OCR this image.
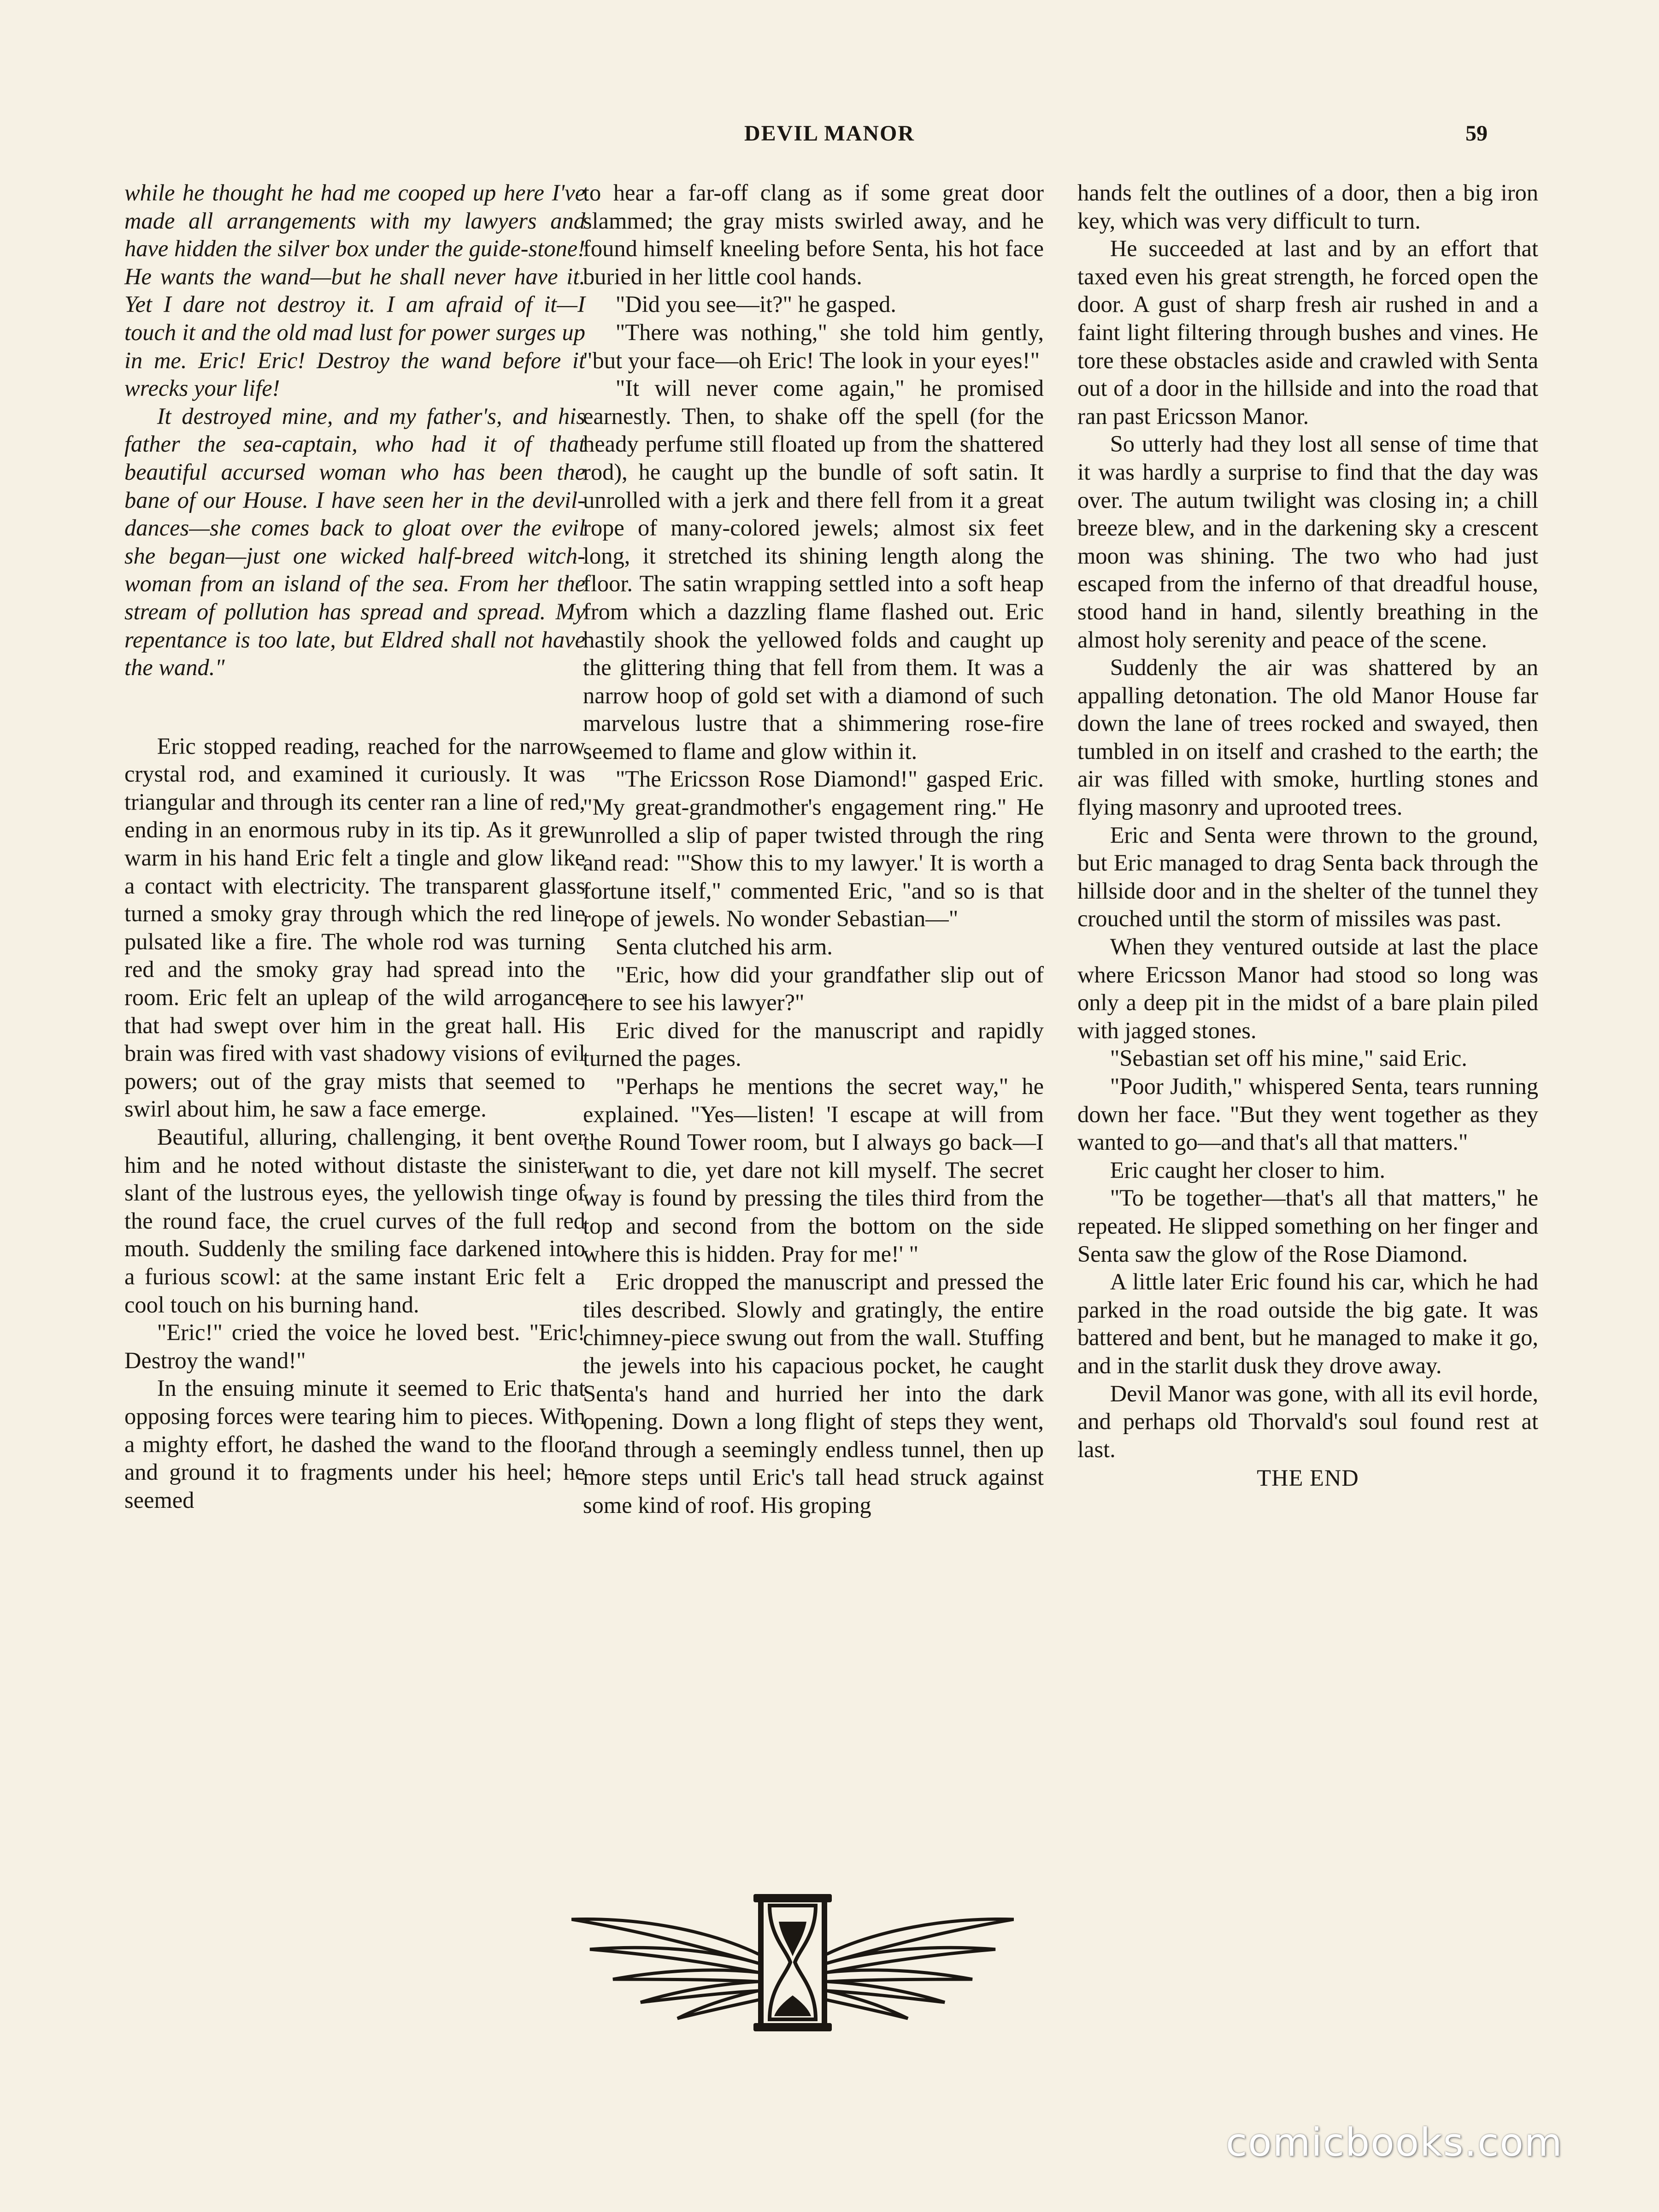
DEVIL MANOR	59

while he thought he had me cooped up here I've made all arrangements with my lawyers and have hidden the silver box under the guide-stone! He wants the wand—but he shall never have it. Yet I dare not destroy it. I am afraid of it—I touch it and the old mad lust for power surges up in me. Eric! Eric! Destroy the wand before it wrecks your life!

It destroyed mine, and my father's, and his father the sea-captain, who had it of that beautiful accursed woman who has been the bane of our House. I have seen her in the devil-dances—she comes back to gloat over the evil she began—just one wicked half-breed witch-woman from an island of the sea. From her the stream of pollution has spread and spread. My repentance is too late, but Eldred shall not have the wand."

Eric stopped reading, reached for the narrow crystal rod, and examined it curiously. It was triangular and through its center ran a line of red, ending in an enormous ruby in its tip. As it grew warm in his hand Eric felt a tingle and glow like a contact with electricity. The transparent glass turned a smoky gray through which the red line pulsated like a fire. The whole rod was turning red and the smoky gray had spread into the room. Eric felt an upleap of the wild arrogance that had swept over him in the great hall. His brain was fired with vast shadowy visions of evil powers; out of the gray mists that seemed to swirl about him, he saw a face emerge.

Beautiful, alluring, challenging, it bent over him and he noted without distaste the sinister slant of the lustrous eyes, the yellowish tinge of the round face, the cruel curves of the full red mouth. Suddenly the smiling face darkened into a furious scowl: at the same instant Eric felt a cool touch on his burning hand.

"Eric!" cried the voice he loved best. "Eric! Destroy the wand!"

In the ensuing minute it seemed to Eric that opposing forces were tearing him to pieces. With a mighty effort, he dashed the wand to the floor and ground it to fragments under his heel; he seemed

to hear a far-off clang as if some great door slammed; the gray mists swirled away, and he found himself kneeling before Senta, his hot face buried in her little cool hands.

"Did you see—it?" he gasped.

"There was nothing," she told him gently, "but your face—oh Eric! The look in your eyes!"

"It will never come again," he promised earnestly. Then, to shake off the spell (for the heady perfume still floated up from the shattered rod), he caught up the bundle of soft satin. It unrolled with a jerk and there fell from it a great rope of many-colored jewels; almost six feet long, it stretched its shining length along the floor. The satin wrapping settled into a soft heap from which a dazzling flame flashed out. Eric hastily shook the yellowed folds and caught up the glittering thing that fell from them. It was a narrow hoop of gold set with a diamond of such marvelous lustre that a shimmering rose-fire seemed to flame and glow within it.

"The Ericsson Rose Diamond!" gasped Eric. "My great-grandmother's engagement ring." He unrolled a slip of paper twisted through the ring and read: "'Show this to my lawyer.' It is worth a fortune itself," commented Eric, "and so is that rope of jewels. No wonder Sebastian—"

Senta clutched his arm.

"Eric, how did your grandfather slip out of here to see his lawyer?"

Eric dived for the manuscript and rapidly turned the pages.

"Perhaps he mentions the secret way," he explained. "Yes—listen! 'I escape at will from the Round Tower room, but I always go back—I want to die, yet dare not kill myself. The secret way is found by pressing the tiles third from the top and second from the bottom on the side where this is hidden. Pray for me!' "

Eric dropped the manuscript and pressed the tiles described. Slowly and gratingly, the entire chimney-piece swung out from the wall. Stuffing the jewels into his capacious pocket, he caught Senta's hand and hurried her into the dark opening. Down a long flight of steps they went, and through a seemingly endless tunnel, then up more steps until Eric's tall head struck against some kind of roof. His groping

hands felt the outlines of a door, then a big iron key, which was very difficult to turn.

He succeeded at last and by an effort that taxed even his great strength, he forced open the door. A gust of sharp fresh air rushed in and a faint light filtering through bushes and vines. He tore these obstacles aside and crawled with Senta out of a door in the hillside and into the road that ran past Ericsson Manor.

So utterly had they lost all sense of time that it was hardly a surprise to find that the day was over. The autum twilight was closing in; a chill breeze blew, and in the darkening sky a crescent moon was shining. The two who had just escaped from the inferno of that dreadful house, stood hand in hand, silently breathing in the almost holy serenity and peace of the scene.

Suddenly the air was shattered by an appalling detonation. The old Manor House far down the lane of trees rocked and swayed, then tumbled in on itself and crashed to the earth; the air was filled with smoke, hurtling stones and flying masonry and uprooted trees.

Eric and Senta were thrown to the ground, but Eric managed to drag Senta back through the hillside door and in the shelter of the tunnel they crouched until the storm of missiles was past.

When they ventured outside at last the place where Ericsson Manor had stood so long was only a deep pit in the midst of a bare plain piled with jagged stones.

"Sebastian set off his mine," said Eric.

"Poor Judith," whispered Senta, tears running down her face. "But they went together as they wanted to go—and that's all that matters."

Eric caught her closer to him.

"To be together—that's all that matters," he repeated. He slipped something on her finger and Senta saw the glow of the Rose Diamond.

A little later Eric found his car, which he had parked in the road outside the big gate. It was battered and bent, but he managed to make it go, and in the starlit dusk they drove away.

Devil Manor was gone, with all its evil horde, and perhaps old Thorvald's soul found rest at last.

THE END

comicbooks.com
